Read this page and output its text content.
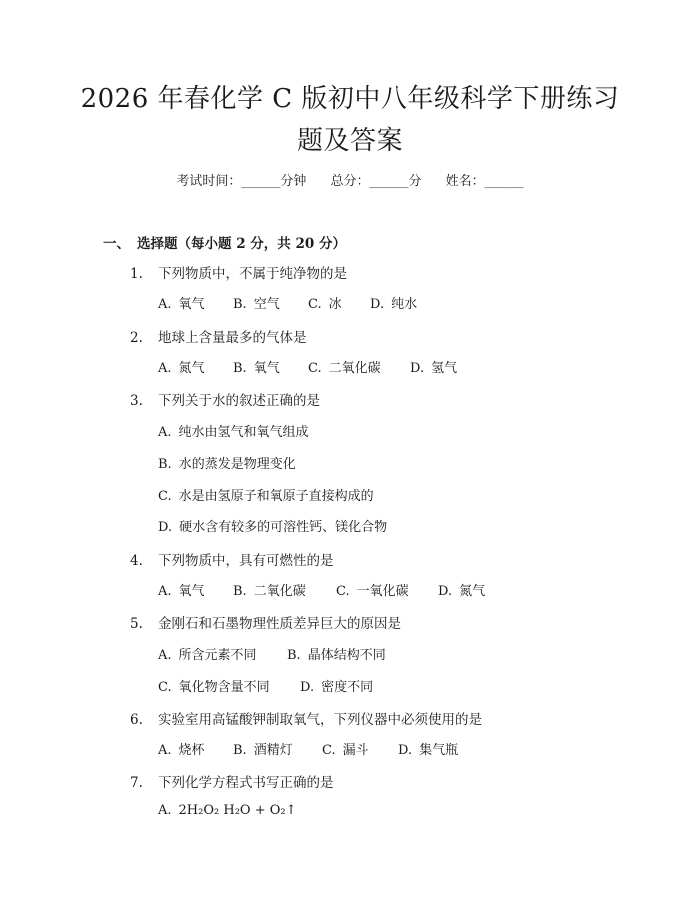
2026 年春化学 C 版初中八年级科学下册练习
题及答案
考试时间：______分钟 总分：______分 姓名：______
一、 选择题（每小题 2 分，共 20 分）
1. 下列物质中，不属于纯净物的是
A. 氧气 B. 空气 C. 冰 D. 纯水
2. 地球上含量最多的气体是
A. 氮气 B. 氧气 C. 二氧化碳 D. 氢气
3. 下列关于水的叙述正确的是
A. 纯水由氢气和氧气组成
B. 水的蒸发是物理变化
C. 水是由氢原子和氧原子直接构成的
D. 硬水含有较多的可溶性钙、镁化合物
4. 下列物质中，具有可燃性的是
A. 氧气 B. 二氧化碳 C. 一氧化碳 D. 氮气
5. 金刚石和石墨物理性质差异巨大的原因是
A. 所含元素不同 B. 晶体结构不同
C. 氧化物含量不同 D. 密度不同
6. 实验室用高锰酸钾制取氧气，下列仪器中必须使用的是
A. 烧杯 B. 酒精灯 C. 漏斗 D. 集气瓶
7. 下列化学方程式书写正确的是
A. 2H₂O₂ H₂O + O₂↑
